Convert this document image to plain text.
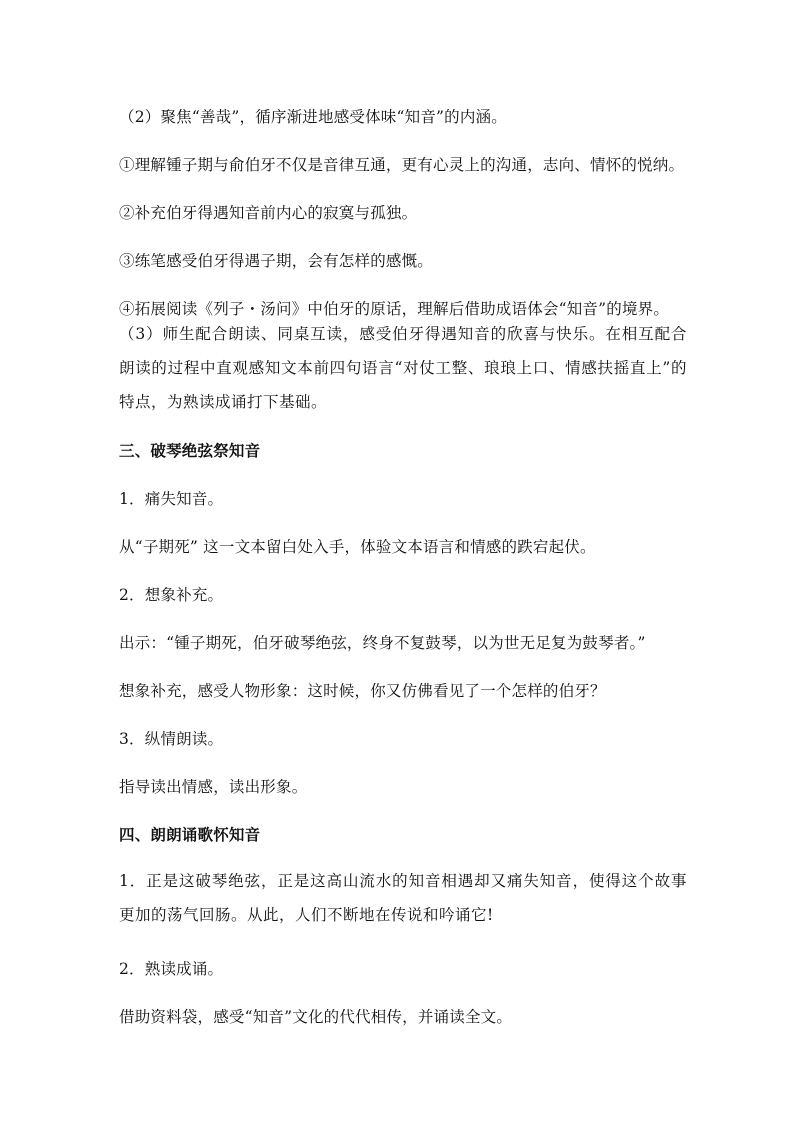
（2）聚焦“善哉”，循序渐进地感受体味“知音”的内涵。
①理解锺子期与俞伯牙不仅是音律互通，更有心灵上的沟通，志向、情怀的悦纳。
②补充伯牙得遇知音前内心的寂寞与孤独。
③练笔感受伯牙得遇子期，会有怎样的感慨。
④拓展阅读《列子・汤问》中伯牙的原话，理解后借助成语体会“知音”的境界。
（3）师生配合朗读、同桌互读，感受伯牙得遇知音的欣喜与快乐。在相互配合朗读的过程中直观感知文本前四句语言“对仗工整、琅琅上口、情感扶摇直上”的特点，为熟读成诵打下基础。
三、破琴绝弦祭知音
1．痛失知音。
从“子期死” 这一文本留白处入手，体验文本语言和情感的跌宕起伏。
2．想象补充。
出示：“锺子期死，伯牙破琴绝弦，终身不复鼓琴，以为世无足复为鼓琴者。”
想象补充，感受人物形象：这时候，你又仿佛看见了一个怎样的伯牙？
3．纵情朗读。
指导读出情感，读出形象。
四、朗朗诵歌怀知音
1．正是这破琴绝弦，正是这高山流水的知音相遇却又痛失知音，使得这个故事更加的荡气回肠。从此，人们不断地在传说和吟诵它!
2．熟读成诵。
借助资料袋，感受“知音”文化的代代相传，并诵读全文。
